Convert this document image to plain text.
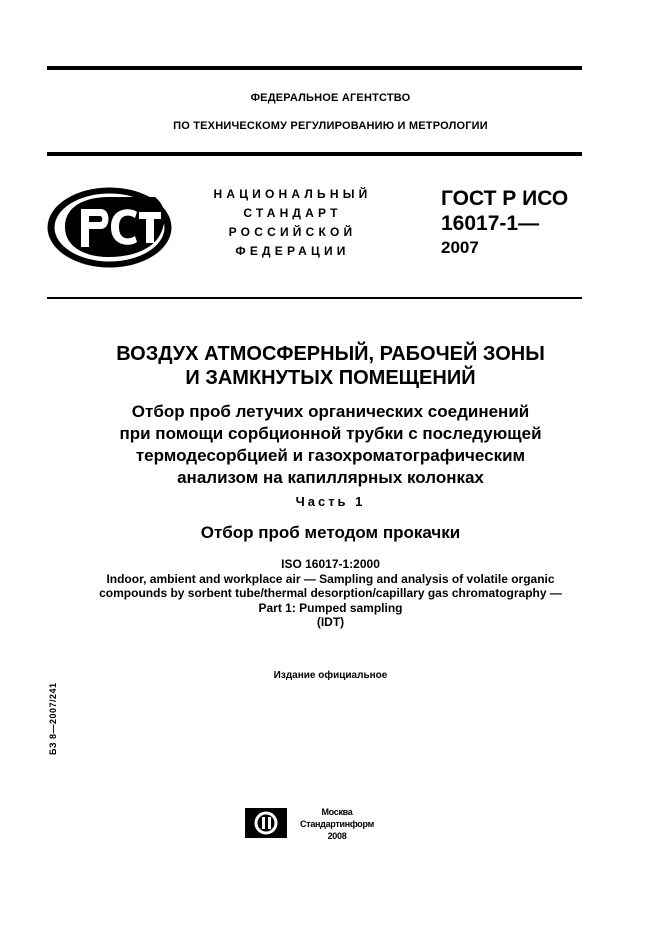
ФЕДЕРАЛЬНОЕ АГЕНТСТВО
ПО ТЕХНИЧЕСКОМУ РЕГУЛИРОВАНИЮ И МЕТРОЛОГИИ
НАЦИОНАЛЬНЫЙ
СТАНДАРТ
РОССИЙСКОЙ
ФЕДЕРАЦИИ
ГОСТ Р ИСО
16017-1—
2007
ВОЗДУХ АТМОСФЕРНЫЙ, РАБОЧЕЙ ЗОНЫ
И ЗАМКНУТЫХ ПОМЕЩЕНИЙ
Отбор проб летучих органических соединений
при помощи сорбционной трубки с последующей
термодесорбцией и газохроматографическим
анализом на капиллярных колонках
Часть 1
Отбор проб методом прокачки
ISO 16017-1:2000
Indoor, ambient and workplace air — Sampling and analysis of volatile organic
compounds by sorbent tube/thermal desorption/capillary gas chromatography —
Part 1: Pumped sampling
(IDT)
Издание официальное
БЗ 8—2007/241
Москва
Стандартинформ
2008
